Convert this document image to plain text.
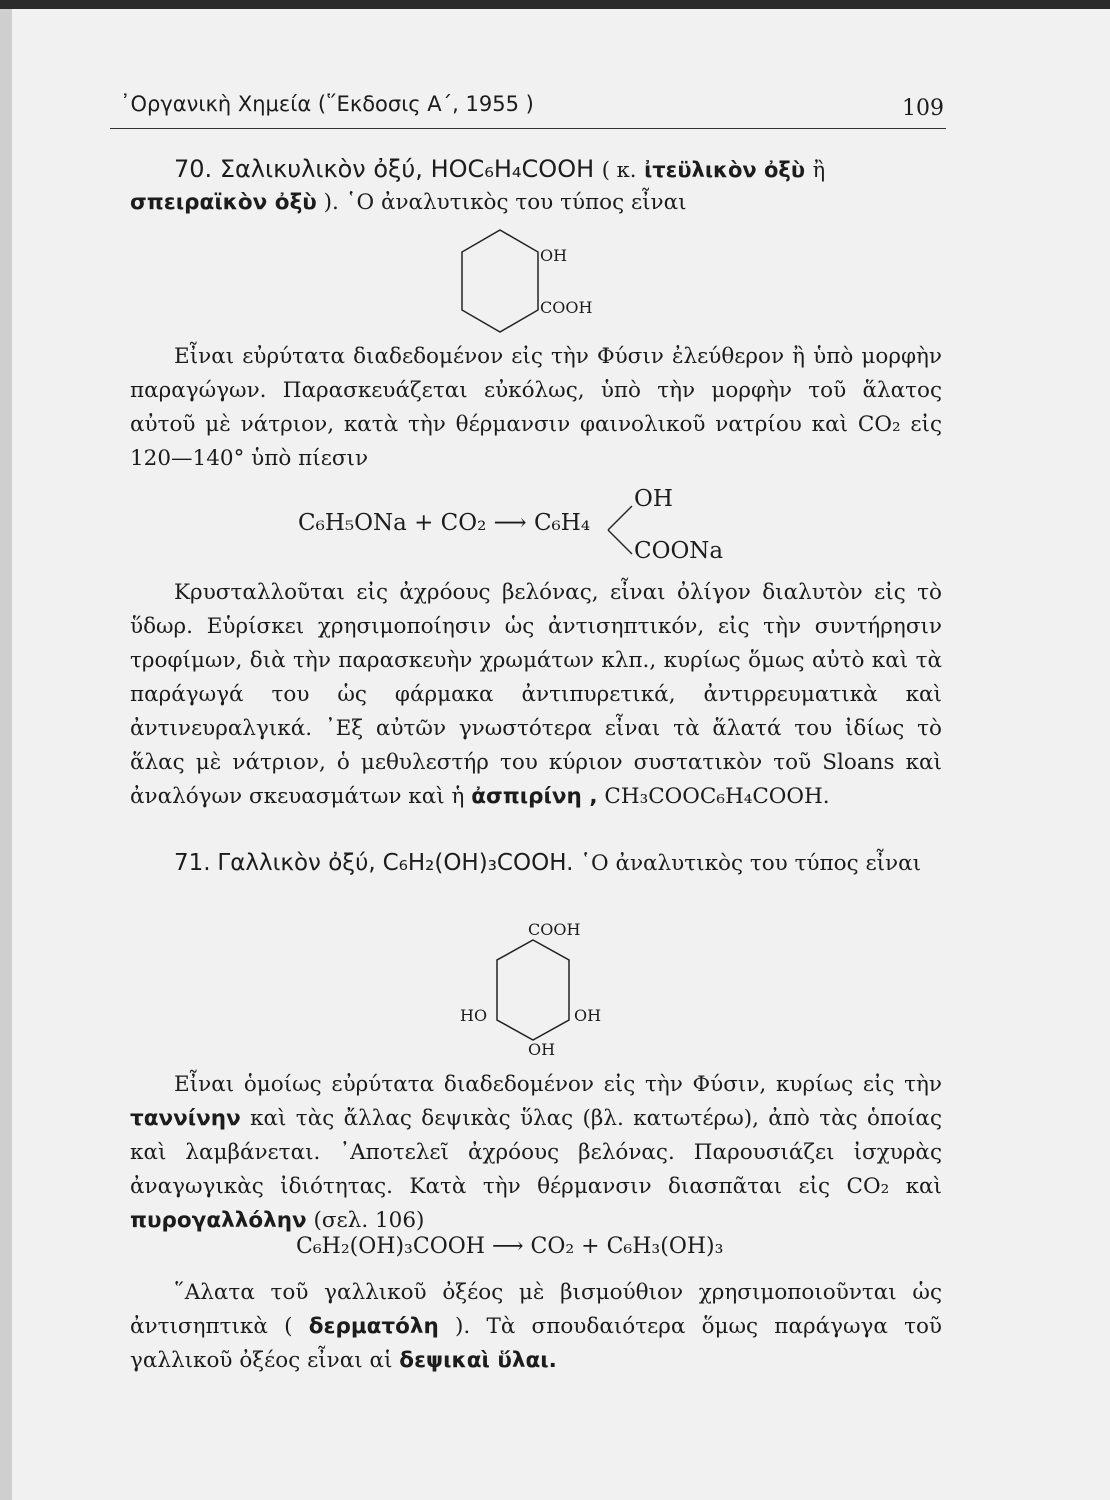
᾿Οργανικὴ Χημεία (῞Εκδοσις Α΄, 1955 )	109

70. Σαλικυλικὸν ὀξύ, HOC₆H₄COOH ( κ. ἰτεϋλικὸν ὀξὺ ἢ

σπειραϊκὸν ὀξὺ ). ῾Ο ἀναλυτικὸς του τύπος εἶναι

OH
COOH

Εἶναι εὐρύτατα διαδεδομένον εἰς τὴν Φύσιν ἐλεύθερον ἢ ὑπὸ μορφὴν παραγώγων. Παρασκευάζεται εὐκόλως, ὑπὸ τὴν μορφὴν τοῦ ἅλατος αὐτοῦ μὲ νάτριον, κατὰ τὴν θέρμανσιν φαινολικοῦ νατρίου καὶ CO₂ εἰς 120—140° ὑπὸ πίεσιν

C₆H₅ONa + CO₂ ⟶ C₆H₄
OH
COONa

Κρυσταλλοῦται εἰς ἀχρόους βελόνας, εἶναι ὀλίγον διαλυτὸν εἰς τὸ ὕδωρ. Εὑρίσκει χρησιμοποίησιν ὡς ἀντισηπτικόν, εἰς τὴν συντήρησιν τροφίμων, διὰ τὴν παρασκευὴν χρωμάτων κλπ., κυρίως ὅμως αὐτὸ καὶ τὰ παράγωγά του ὡς φάρμακα ἀντιπυρετικά, ἀντιρρευματικὰ καὶ ἀντινευραλγικά. ᾿Εξ αὐτῶν γνωστότερα εἶναι τὰ ἅλατά του ἰδίως τὸ ἅλας μὲ νάτριον, ὁ μεθυλεστήρ του κύριον συστατικὸν τοῦ Sloans καὶ ἀναλόγων σκευασμάτων καὶ ἡ ἀσπιρίνη , CH₃COOC₆H₄COOH.

71. Γαλλικὸν ὀξύ, C₆H₂(OH)₃COOH. ῾Ο ἀναλυτικὸς του τύπος εἶναι

COOH
HO	OH
OH

Εἶναι ὁμοίως εὐρύτατα διαδεδομένον εἰς τὴν Φύσιν, κυρίως εἰς τὴν ταννίνην καὶ τὰς ἄλλας δεψικὰς ὕλας (βλ. κατωτέρω), ἀπὸ τὰς ὁποίας καὶ λαμβάνεται. ᾿Αποτελεῖ ἀχρόους βελόνας. Παρουσιάζει ἰσχυρὰς ἀναγωγικὰς ἰδιότητας. Κατὰ τὴν θέρμανσιν διασπᾶται εἰς CO₂ καὶ πυρογαλλόλην (σελ. 106)

C₆H₂(OH)₃COOH ⟶ CO₂ + C₆H₃(OH)₃

῞Αλατα τοῦ γαλλικοῦ ὀξέος μὲ βισμούθιον χρησιμοποιοῦνται ὡς ἀντισηπτικὰ ( δερματόλη ). Τὰ σπουδαιότερα ὅμως παράγωγα τοῦ γαλλικοῦ ὀξέος εἶναι αἱ δεψικαὶ ὕλαι.
